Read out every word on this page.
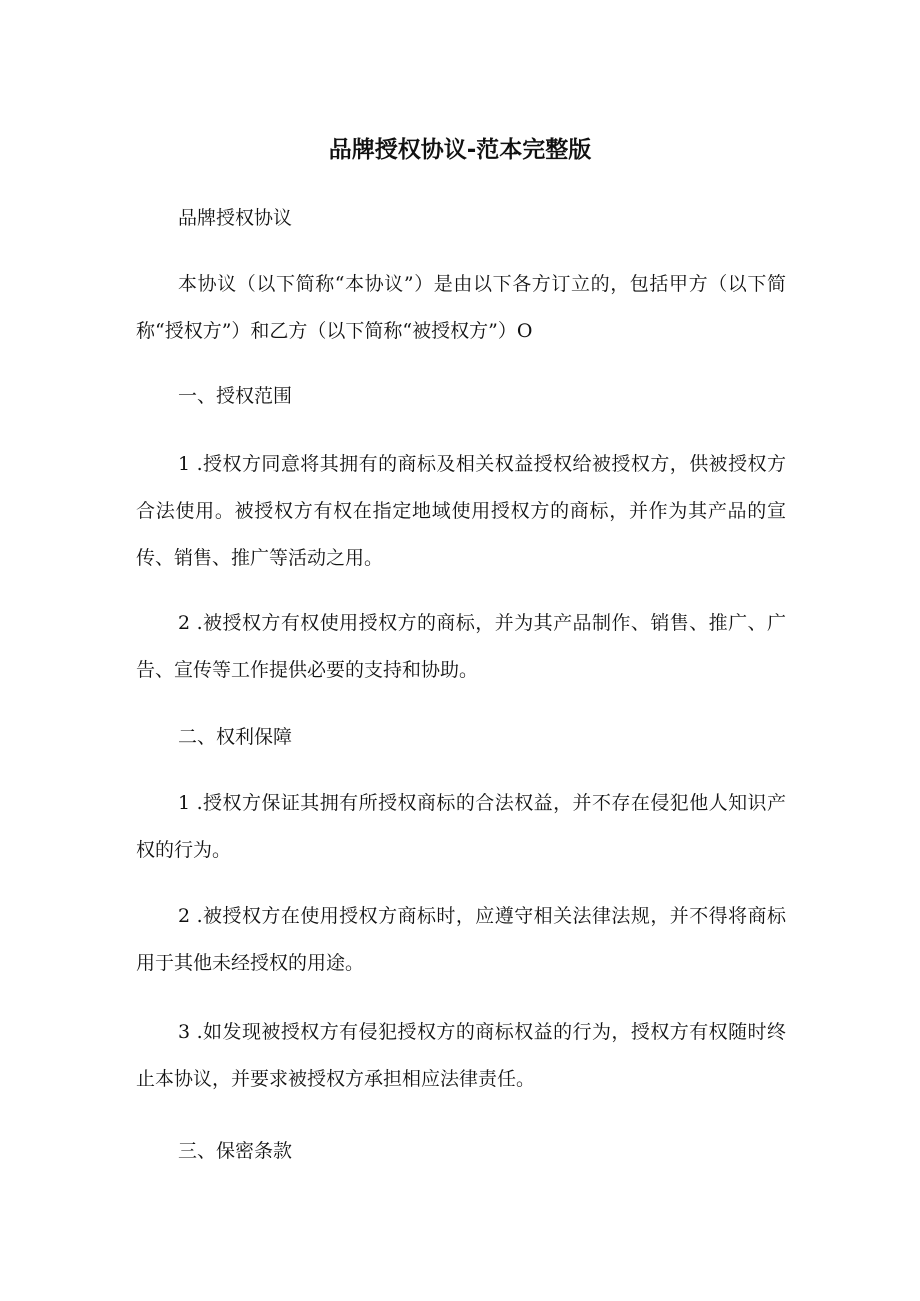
品牌授权协议-范本完整版

品牌授权协议

本协议（以下简称“本协议”）是由以下各方订立的，包括甲方（以下简称“授权方”）和乙方（以下简称“被授权方”）O

一、授权范围

1 .授权方同意将其拥有的商标及相关权益授权给被授权方，供被授权方合法使用。被授权方有权在指定地域使用授权方的商标，并作为其产品的宣传、销售、推广等活动之用。

2 .被授权方有权使用授权方的商标，并为其产品制作、销售、推广、广告、宣传等工作提供必要的支持和协助。

二、权利保障

1 .授权方保证其拥有所授权商标的合法权益，并不存在侵犯他人知识产权的行为。

2 .被授权方在使用授权方商标时，应遵守相关法律法规，并不得将商标用于其他未经授权的用途。

3 .如发现被授权方有侵犯授权方的商标权益的行为，授权方有权随时终止本协议，并要求被授权方承担相应法律责任。

三、保密条款
